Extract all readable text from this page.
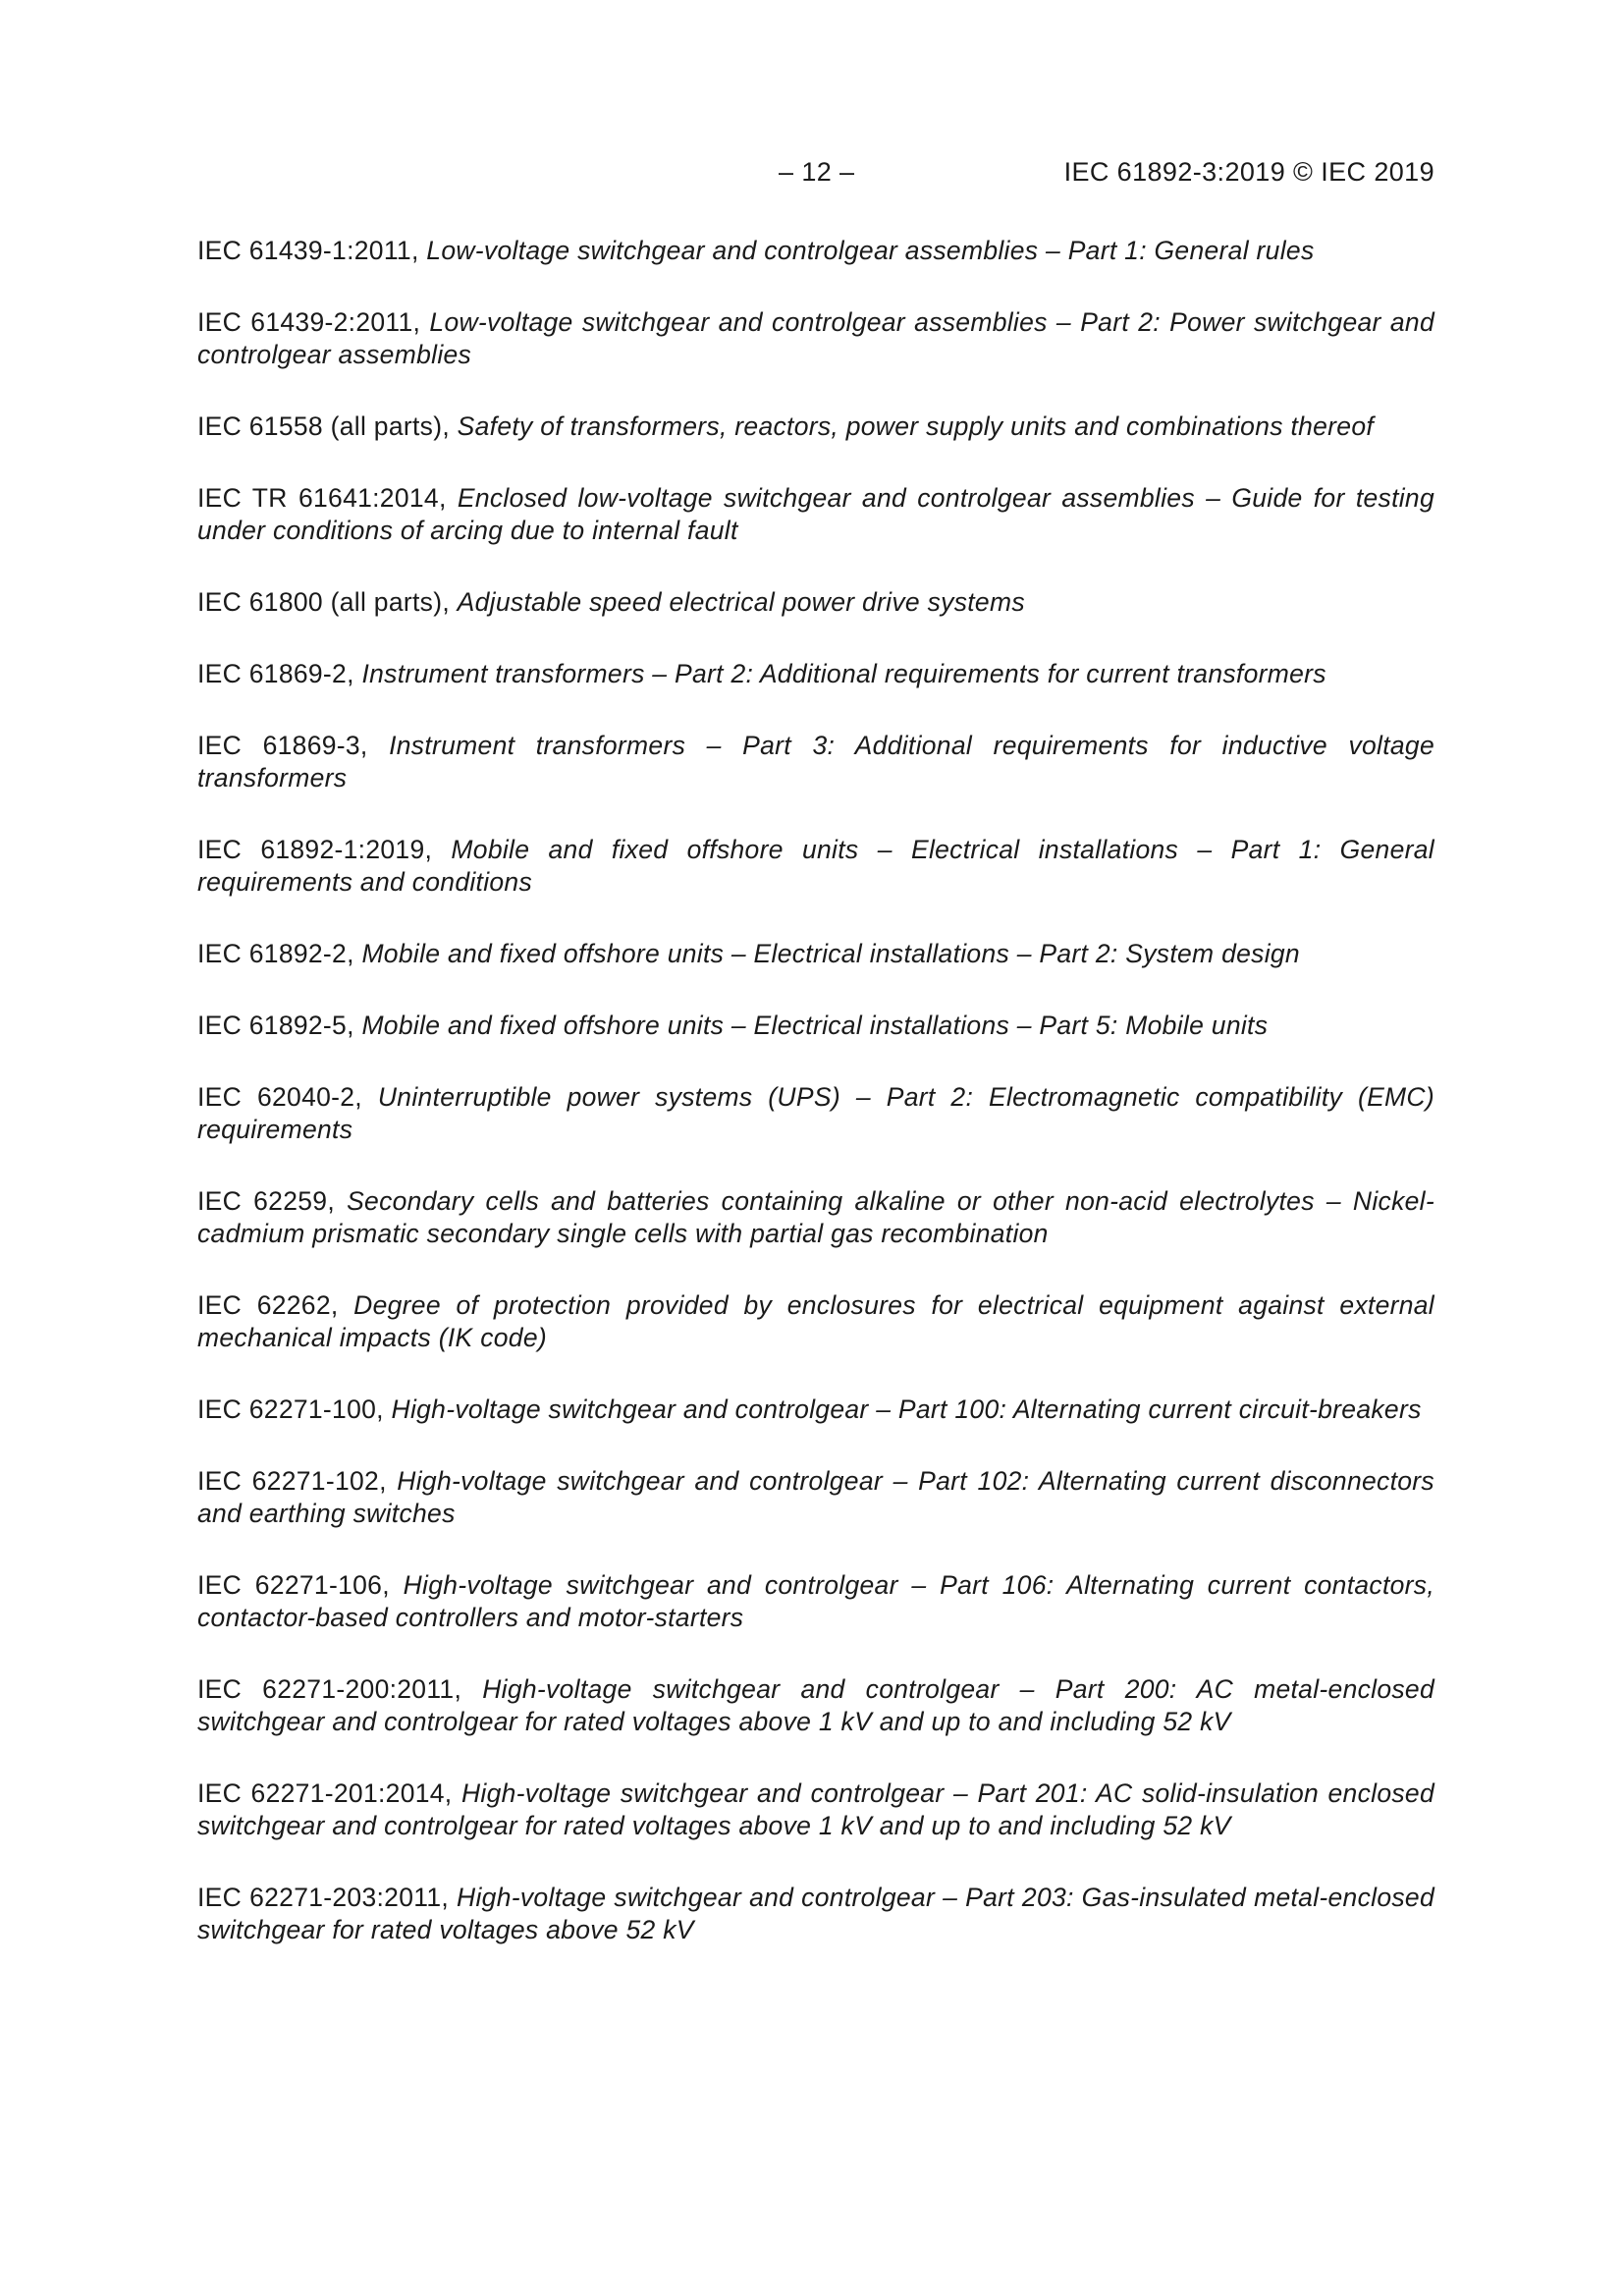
– 12 –	IEC 61892-3:2019 © IEC 2019

IEC 61439-1:2011, Low-voltage switchgear and controlgear assemblies – Part 1: General rules

IEC 61439-2:2011, Low-voltage switchgear and controlgear assemblies – Part 2: Power switchgear and controlgear assemblies

IEC 61558 (all parts), Safety of transformers, reactors, power supply units and combinations thereof

IEC TR 61641:2014, Enclosed low-voltage switchgear and controlgear assemblies – Guide for testing under conditions of arcing due to internal fault

IEC 61800 (all parts), Adjustable speed electrical power drive systems

IEC 61869-2, Instrument transformers – Part 2: Additional requirements for current transformers

IEC 61869-3, Instrument transformers – Part 3: Additional requirements for inductive voltage transformers

IEC 61892-1:2019, Mobile and fixed offshore units – Electrical installations – Part 1: General requirements and conditions

IEC 61892-2, Mobile and fixed offshore units – Electrical installations – Part 2: System design

IEC 61892-5, Mobile and fixed offshore units – Electrical installations – Part 5: Mobile units

IEC 62040-2, Uninterruptible power systems (UPS) – Part 2: Electromagnetic compatibility (EMC) requirements

IEC 62259, Secondary cells and batteries containing alkaline or other non-acid electrolytes – Nickel-cadmium prismatic secondary single cells with partial gas recombination

IEC 62262, Degree of protection provided by enclosures for electrical equipment against external mechanical impacts (IK code)

IEC 62271-100, High-voltage switchgear and controlgear – Part 100: Alternating current circuit-breakers

IEC 62271-102, High-voltage switchgear and controlgear – Part 102: Alternating current disconnectors and earthing switches

IEC 62271-106, High-voltage switchgear and controlgear – Part 106: Alternating current contactors, contactor-based controllers and motor-starters

IEC 62271-200:2011, High-voltage switchgear and controlgear – Part 200: AC metal-enclosed switchgear and controlgear for rated voltages above 1 kV and up to and including 52 kV

IEC 62271-201:2014, High-voltage switchgear and controlgear – Part 201: AC solid-insulation enclosed switchgear and controlgear for rated voltages above 1 kV and up to and including 52 kV

IEC 62271-203:2011, High-voltage switchgear and controlgear – Part 203: Gas-insulated metal-enclosed switchgear for rated voltages above 52 kV
